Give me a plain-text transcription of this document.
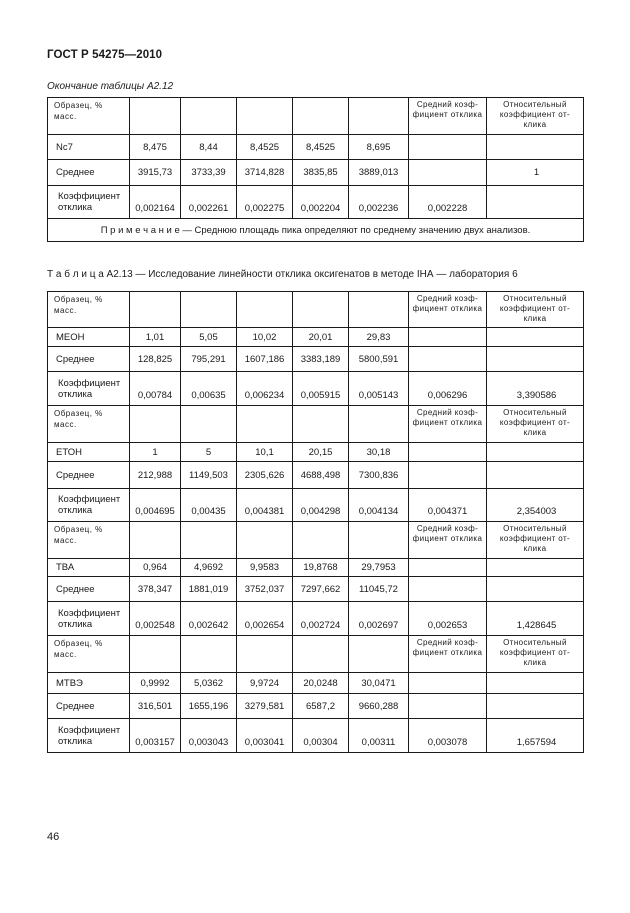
ГОСТ Р 54275—2010
Окончание таблицы А2.12
Образец, % масс.						Средний коэф-фициент отклика	Относительный коэффициент от-клика
Nc7	8,475	8,44	8,4525	8,4525	8,695		
Среднее	3915,73	3733,39	3714,828	3835,85	3889,013		1
Коэффициент отклика	0,002164	0,002261	0,002275	0,002204	0,002236	0,002228	
П р и м е ч а н и е — Среднюю площадь пика определяют по среднему значению двух анализов.							
Т а б л и ц а А2.13 — Исследование линейности отклика оксигенатов в методе IНА — лаборатория 6
Образец, % масс.						Средний коэф-фициент отклика	Относительный коэффициент от-клика
МЕОН	1,01	5,05	10,02	20,01	29,83		
Среднее	128,825	795,291	1607,186	3383,189	5800,591		
Коэффициент отклика	0,00784	0,00635	0,006234	0,005915	0,005143	0,006296	3,390586
Образец, % масс.						Средний коэф-фициент отклика	Относительный коэффициент от-клика
ЕТОН	1	5	10,1	20,15	30,18		
Среднее	212,988	1149,503	2305,626	4688,498	7300,836		
Коэффициент отклика	0,004695	0,00435	0,004381	0,004298	0,004134	0,004371	2,354003
Образец, % масс.						Средний коэф-фициент отклика	Относительный коэффициент от-клика
ТВА	0,964	4,9692	9,9583	19,8768	29,7953		
Среднее	378,347	1881,019	3752,037	7297,662	11045,72		
Коэффициент отклика	0,002548	0,002642	0,002654	0,002724	0,002697	0,002653	1,428645
Образец, % масс.						Средний коэф-фициент отклика	Относительный коэффициент от-клика
МТВЭ	0,9992	5,0362	9,9724	20,0248	30,0471		
Среднее	316,501	1655,196	3279,581	6587,2	9660,288		
Коэффициент отклика	0,003157	0,003043	0,003041	0,00304	0,00311	0,003078	1,657594
46
